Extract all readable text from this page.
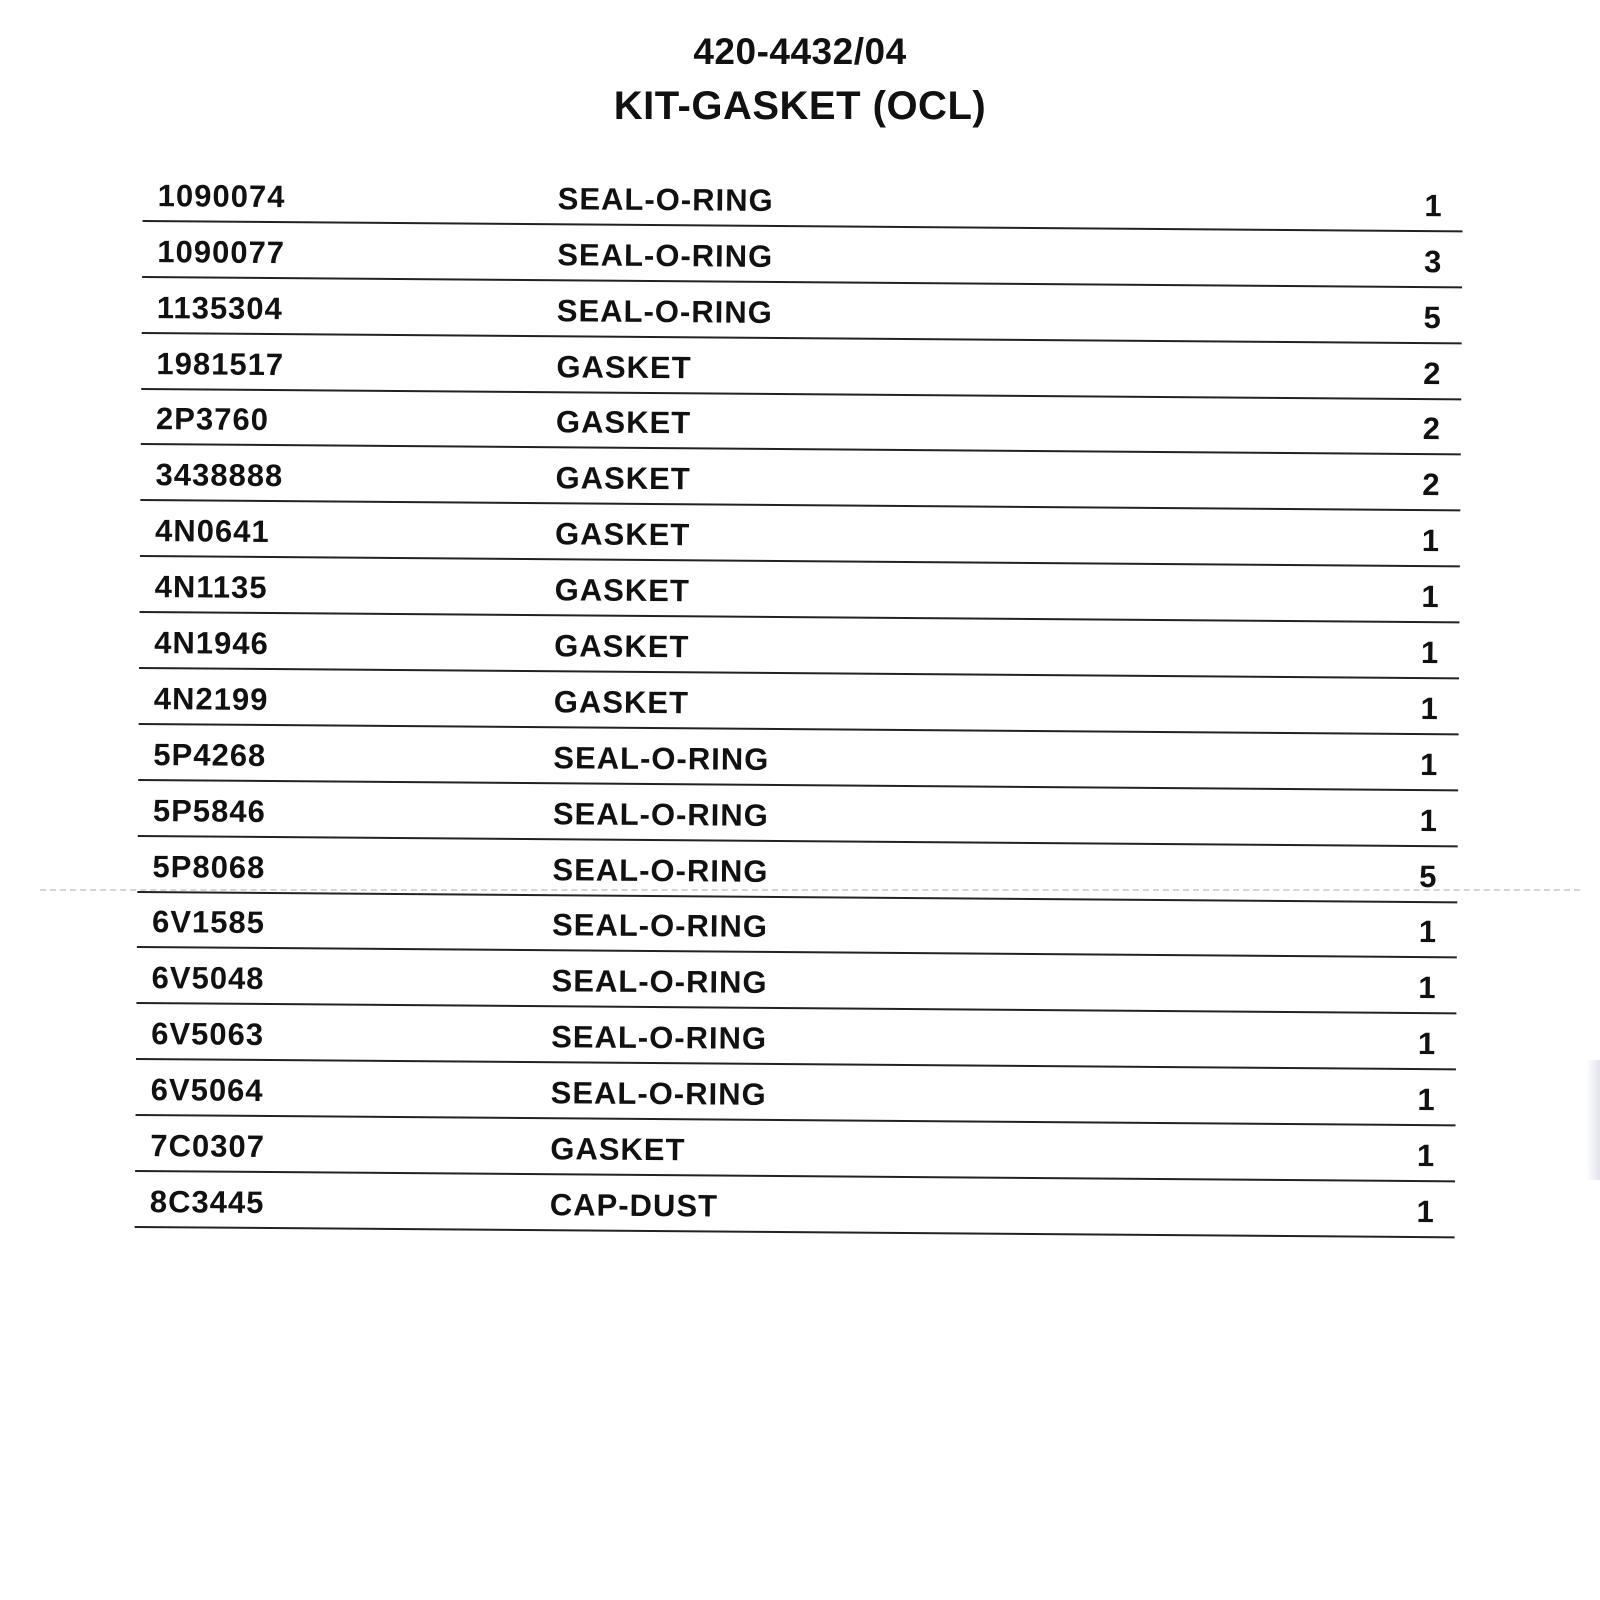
420-4432/04
KIT-GASKET (OCL)
1090074	SEAL-O-RING	1
1090077	SEAL-O-RING	3
1135304	SEAL-O-RING	5
1981517	GASKET	2
2P3760	GASKET	2
3438888	GASKET	2
4N0641	GASKET	1
4N1135	GASKET	1
4N1946	GASKET	1
4N2199	GASKET	1
5P4268	SEAL-O-RING	1
5P5846	SEAL-O-RING	1
5P8068	SEAL-O-RING	5
6V1585	SEAL-O-RING	1
6V5048	SEAL-O-RING	1
6V5063	SEAL-O-RING	1
6V5064	SEAL-O-RING	1
7C0307	GASKET	1
8C3445	CAP-DUST	1
